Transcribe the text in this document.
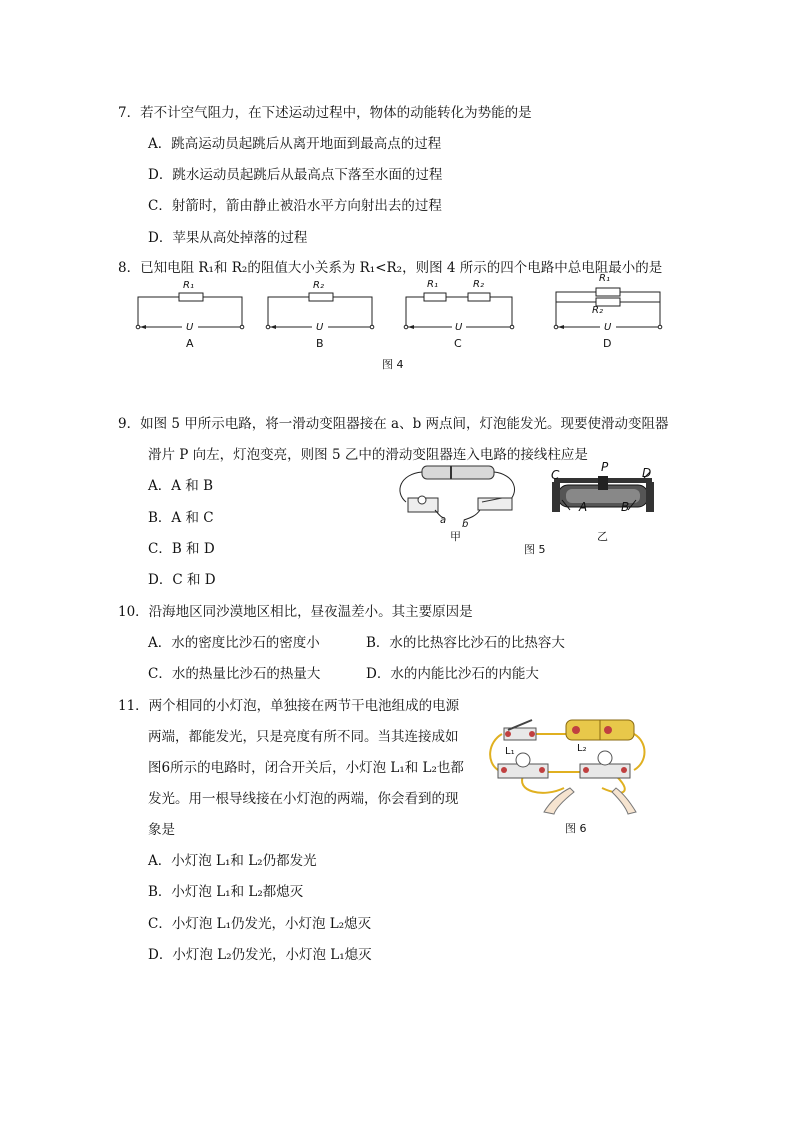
7．若不计空气阻力，在下述运动过程中，物体的动能转化为势能的是
A．跳高运动员起跳后从离开地面到最高点的过程
D．跳水运动员起跳后从最高点下落至水面的过程
C．射箭时，箭由静止被沿水平方向射出去的过程
D．苹果从高处掉落的过程
8．已知电阻 R₁和 R₂的阻值大小关系为 R₁<R₂，则图 4 所示的四个电路中总电阻最小的是
R₁
U
A
R₂
U
B
R₁	R₂
U
C
R₁
R₂
U
D
图 4
9．如图 5 甲所示电路，将一滑动变阻器接在 a、b 两点间，灯泡能发光。现要使滑动变阻器
滑片 P 向左，灯泡变亮，则图 5 乙中的滑动变阻器连入电路的接线柱应是
A．A 和 B
B．A 和 C
C．B 和 D
D．C 和 D
a b
甲
C
P	D
A	B
乙
图 5
10．沿海地区同沙漠地区相比，昼夜温差小。其主要原因是
A．水的密度比沙石的密度小	B．水的比热容比沙石的比热容大
C．水的热量比沙石的热量大	D．水的内能比沙石的内能大
11．两个相同的小灯泡，单独接在两节干电池组成的电源
两端，都能发光，只是亮度有所不同。当其连接成如
图6所示的电路时，闭合开关后，小灯泡 L₁和 L₂也都
发光。用一根导线接在小灯泡的两端，你会看到的现
象是
A．小灯泡 L₁和 L₂仍都发光
B．小灯泡 L₁和 L₂都熄灭
C．小灯泡 L₁仍发光，小灯泡 L₂熄灭
D．小灯泡 L₂仍发光，小灯泡 L₁熄灭
L₁	L₂
图 6
